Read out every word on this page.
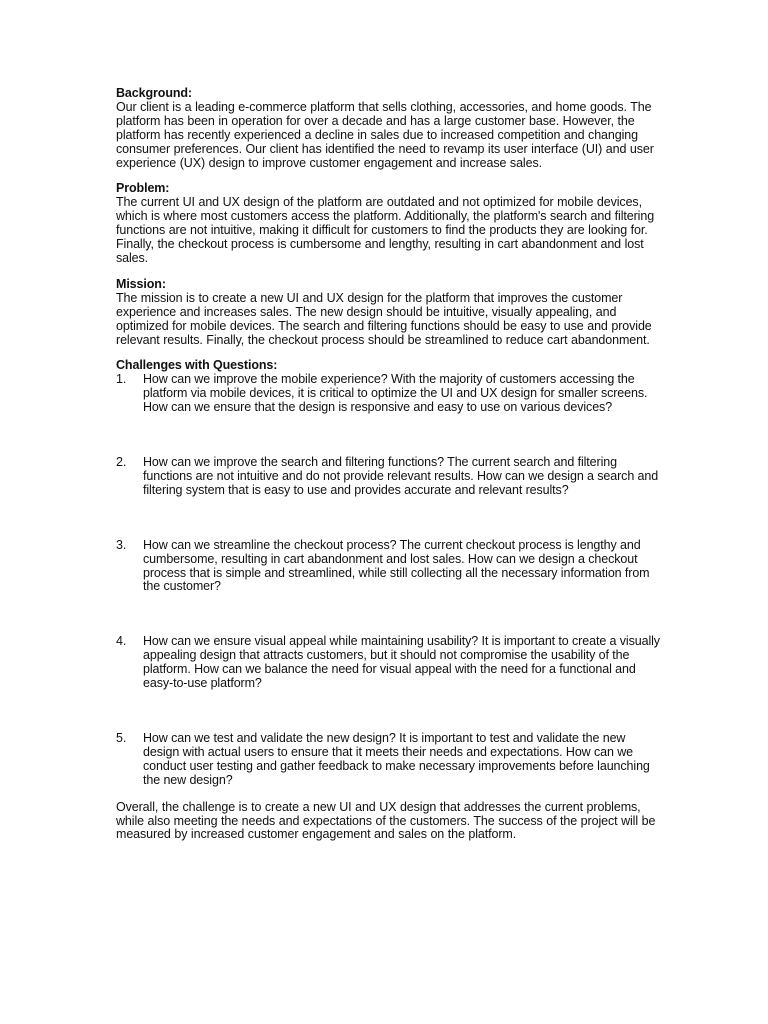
Background:

Our client is a leading e-commerce platform that sells clothing, accessories, and home goods. The platform has been in operation for over a decade and has a large customer base. However, the platform has recently experienced a decline in sales due to increased competition and changing consumer preferences. Our client has identified the need to revamp its user interface (UI) and user experience (UX) design to improve customer engagement and increase sales.

Problem:

The current UI and UX design of the platform are outdated and not optimized for mobile devices, which is where most customers access the platform. Additionally, the platform's search and filtering functions are not intuitive, making it difficult for customers to find the products they are looking for. Finally, the checkout process is cumbersome and lengthy, resulting in cart abandonment and lost sales.

Mission:

The mission is to create a new UI and UX design for the platform that improves the customer experience and increases sales. The new design should be intuitive, visually appealing, and optimized for mobile devices. The search and filtering functions should be easy to use and provide relevant results. Finally, the checkout process should be streamlined to reduce cart abandonment.

Challenges with Questions:

1.	How can we improve the mobile experience? With the majority of customers accessing the platform via mobile devices, it is critical to optimize the UI and UX design for smaller screens. How can we ensure that the design is responsive and easy to use on various devices?

2.	How can we improve the search and filtering functions? The current search and filtering functions are not intuitive and do not provide relevant results. How can we design a search and filtering system that is easy to use and provides accurate and relevant results?

3.	How can we streamline the checkout process? The current checkout process is lengthy and cumbersome, resulting in cart abandonment and lost sales. How can we design a checkout process that is simple and streamlined, while still collecting all the necessary information from the customer?

4.	How can we ensure visual appeal while maintaining usability? It is important to create a visually appealing design that attracts customers, but it should not compromise the usability of the platform. How can we balance the need for visual appeal with the need for a functional and easy-to-use platform?

5.	How can we test and validate the new design? It is important to test and validate the new design with actual users to ensure that it meets their needs and expectations. How can we conduct user testing and gather feedback to make necessary improvements before launching the new design?

Overall, the challenge is to create a new UI and UX design that addresses the current problems, while also meeting the needs and expectations of the customers. The success of the project will be measured by increased customer engagement and sales on the platform.
